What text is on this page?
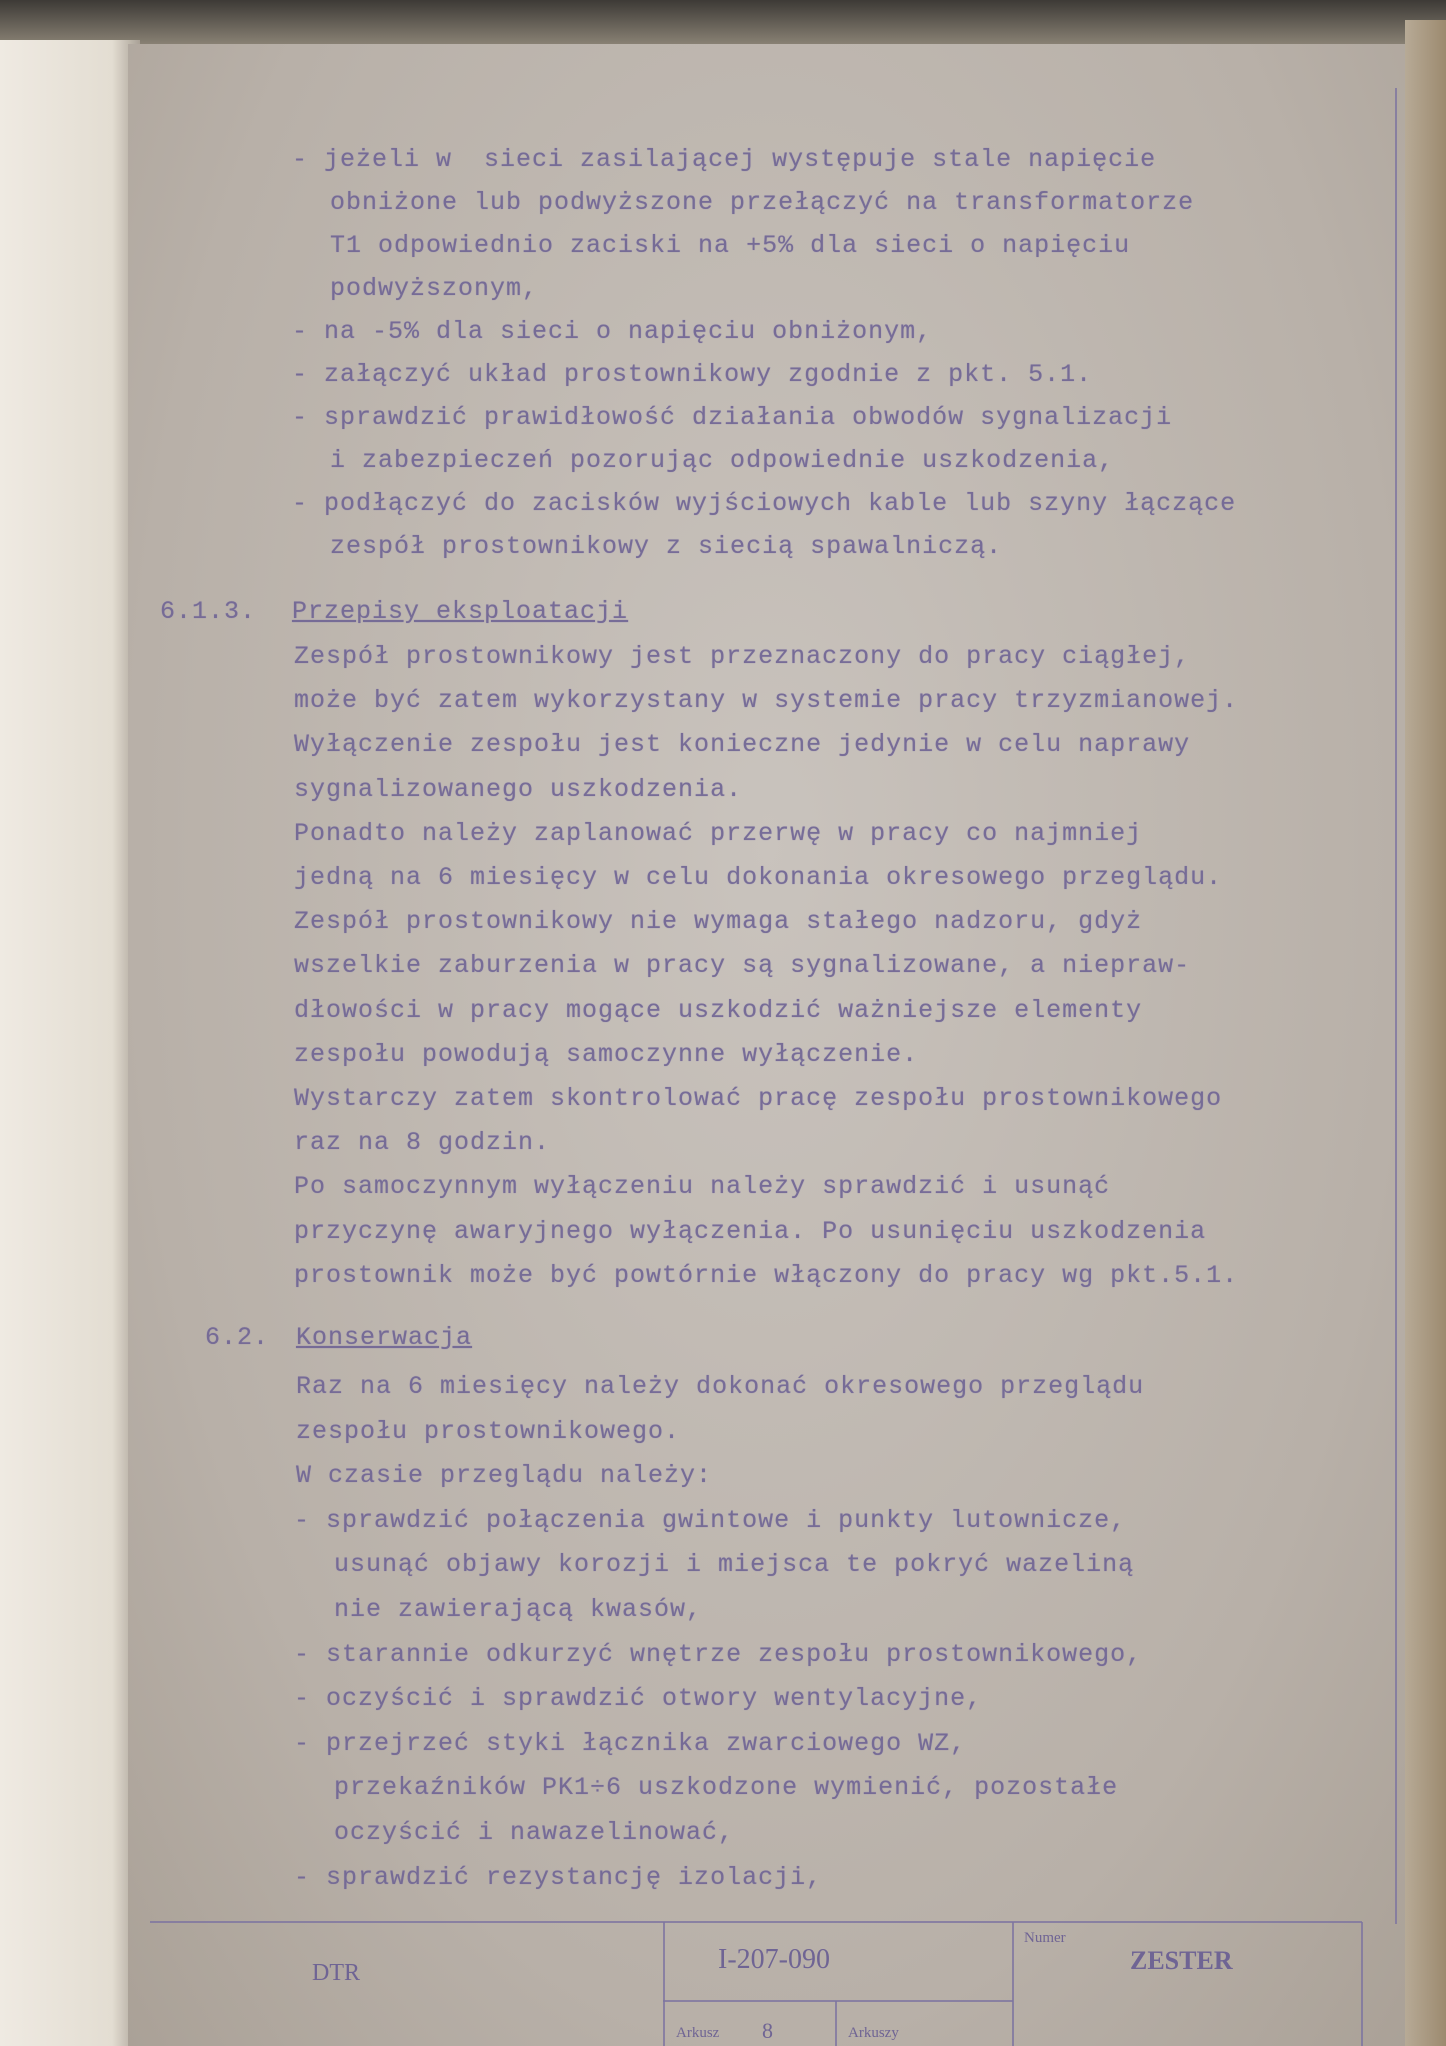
- jeżeli w  sieci zasilającej występuje stale napięcie
obniżone lub podwyższone przełączyć na transformatorze
T1 odpowiednio zaciski na +5% dla sieci o napięciu
podwyższonym,
- na -5% dla sieci o napięciu obniżonym,
- załączyć układ prostownikowy zgodnie z pkt. 5.1.
- sprawdzić prawidłowość działania obwodów sygnalizacji
i zabezpieczeń pozorując odpowiednie uszkodzenia,
- podłączyć do zacisków wyjściowych kable lub szyny łączące
zespół prostownikowy z siecią spawalniczą.
6.1.3. Przepisy eksploatacji
Zespół prostownikowy jest przeznaczony do pracy ciągłej,
może być zatem wykorzystany w systemie pracy trzyzmianowej.
Wyłączenie zespołu jest konieczne jedynie w celu naprawy
sygnalizowanego uszkodzenia.
Ponadto należy zaplanować przerwę w pracy co najmniej
jedną na 6 miesięcy w celu dokonania okresowego przeglądu.
Zespół prostownikowy nie wymaga stałego nadzoru, gdyż
wszelkie zaburzenia w pracy są sygnalizowane, a niepraw-
dłowości w pracy mogące uszkodzić ważniejsze elementy
zespołu powodują samoczynne wyłączenie.
Wystarczy zatem skontrolować pracę zespołu prostownikowego
raz na 8 godzin.
Po samoczynnym wyłączeniu należy sprawdzić i usunąć
przyczynę awaryjnego wyłączenia. Po usunięciu uszkodzenia
prostownik może być powtórnie włączony do pracy wg pkt.5.1.
6.2. Konserwacja
Raz na 6 miesięcy należy dokonać okresowego przeglądu
zespołu prostownikowego.
W czasie przeglądu należy:
- sprawdzić połączenia gwintowe i punkty lutownicze,
usunąć objawy korozji i miejsca te pokryć wazeliną
nie zawierającą kwasów,
- starannie odkurzyć wnętrze zespołu prostownikowego,
- oczyścić i sprawdzić otwory wentylacyjne,
- przejrzeć styki łącznika zwarciowego WZ,
przekaźników PK1÷6 uszkodzone wymienić, pozostałe
oczyścić i nawazelinować,
- sprawdzić rezystancję izolacji,
DTR	I-207-090
Numer
ZESTER
Arkusz 8	Arkuszy
